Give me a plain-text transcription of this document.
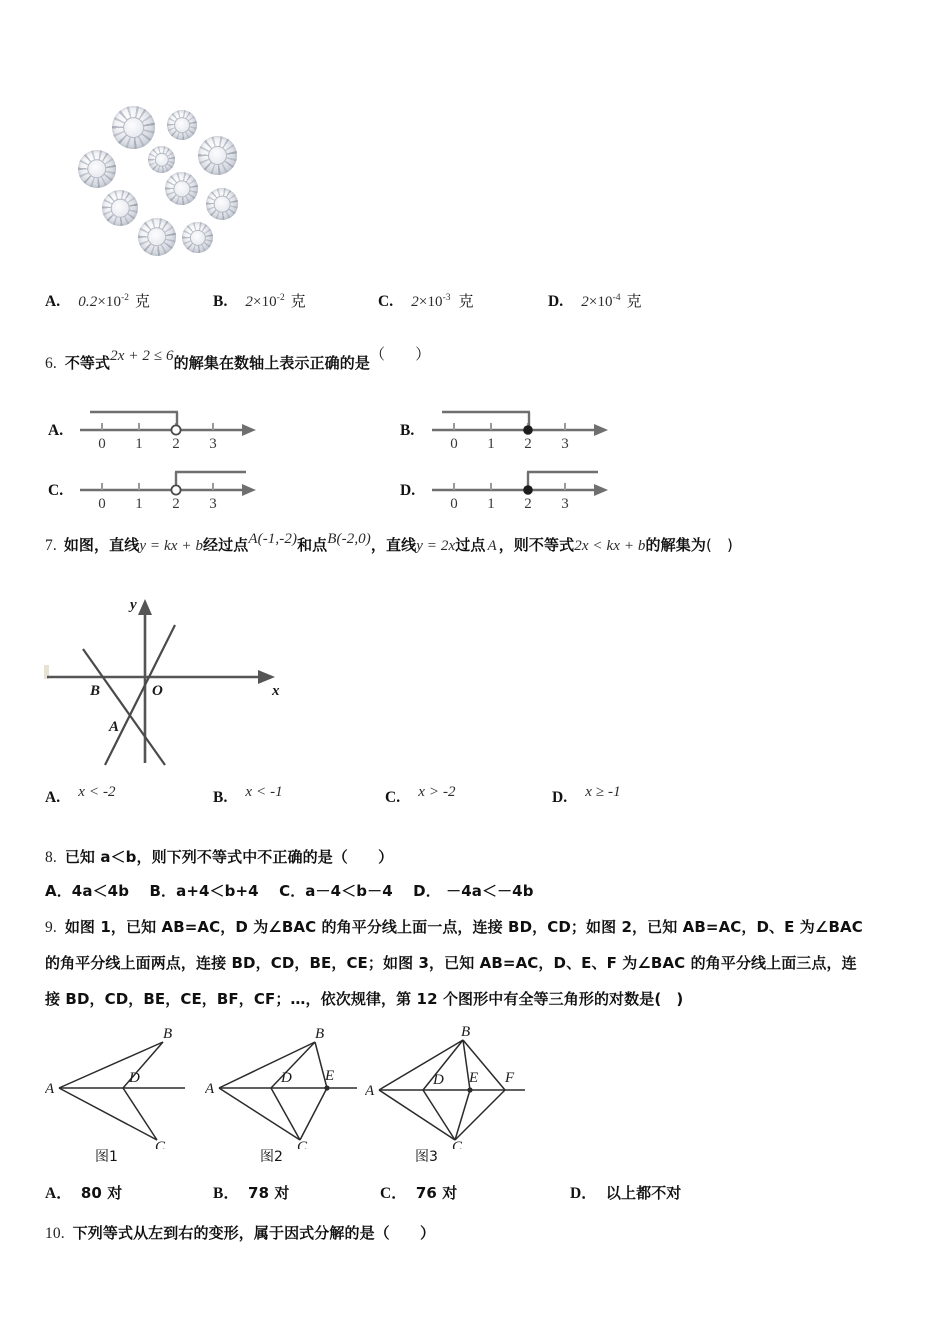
A. $0.2\times 10^{-2}$ 克	B. $2\times 10^{-2}$ 克	C. $2\times 10^{-3}$ 克	D. $2\times 10^{-4}$ 克
6. 不等式2x + 2 ≤ 6的解集在数轴上表示正确的是（　　）
A.
0 1 2 3
B.
0 1 2 3
C.
0 1 2 3
D.
0 1 2 3
7. 如图，直线y = kx + b经过点A(-1,-2)和点B(-2,0)，直线y = 2x过点 A ，则不等式2x < kx + b的解集为(　)
y
x
O
B
A
A. x < -2	B. x < -1	C. x > -2	D. x ≥ -1
8. 已知 a＜b，则下列不等式中不正确的是（　　）
A．4a＜4b　 B．a+4＜b+4　 C．a－4＜b－4　 D． －4a＜－4b
9. 如图 1，已知 AB=AC，D 为∠BAC 的角平分线上面一点，连接 BD，CD；如图 2，已知 AB=AC，D、E 为∠BAC
的角平分线上面两点，连接 BD，CD，BE，CE；如图 3，已知 AB=AC，D、E、F 为∠BAC 的角平分线上面三点，连
接 BD，CD，BE，CE，BF，CF；…，依次规律，第 12 个图形中有全等三角形的对数是(　)
A
B
C
D
图1
A
B
C
D E
图2
A
B
C
D E F
图3
A． 80 对	B． 78 对	C． 76 对	D． 以上都不对
10. 下列等式从左到右的变形，属于因式分解的是（　　）
